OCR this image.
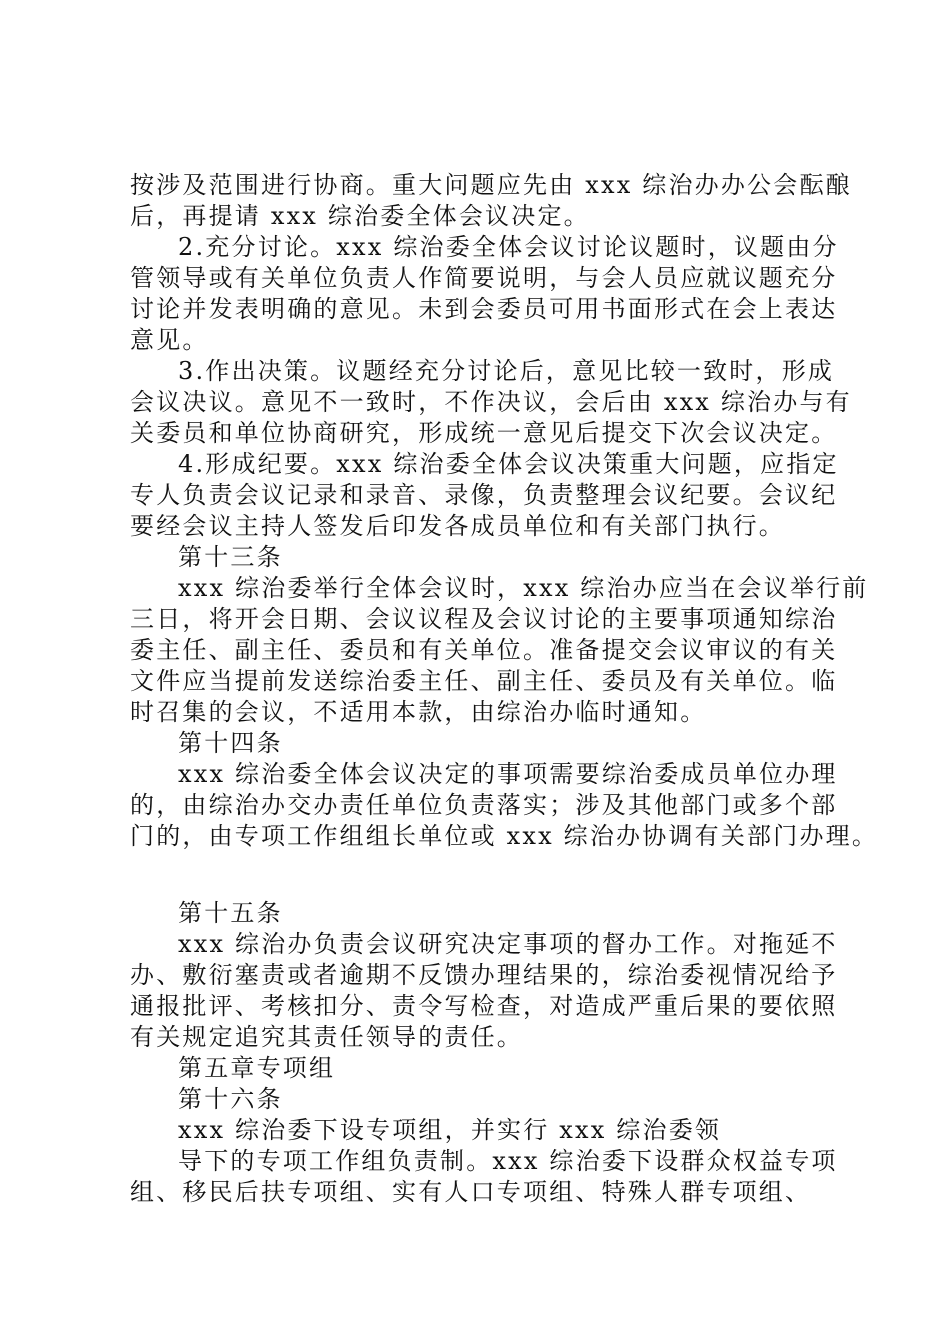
按涉及范围进行协商。重大问题应先由 xxx 综治办办公会酝酿
后，再提请 xxx 综治委全体会议决定。
2.充分讨论。xxx 综治委全体会议讨论议题时，议题由分
管领导或有关单位负责人作简要说明，与会人员应就议题充分
讨论并发表明确的意见。未到会委员可用书面形式在会上表达
意见。
3.作出决策。议题经充分讨论后，意见比较一致时，形成
会议决议。意见不一致时，不作决议，会后由 xxx 综治办与有
关委员和单位协商研究，形成统一意见后提交下次会议决定。
4.形成纪要。xxx 综治委全体会议决策重大问题，应指定
专人负责会议记录和录音、录像，负责整理会议纪要。会议纪
要经会议主持人签发后印发各成员单位和有关部门执行。
第十三条
xxx 综治委举行全体会议时，xxx 综治办应当在会议举行前
三日，将开会日期、会议议程及会议讨论的主要事项通知综治
委主任、副主任、委员和有关单位。准备提交会议审议的有关
文件应当提前发送综治委主任、副主任、委员及有关单位。临
时召集的会议，不适用本款，由综治办临时通知。
第十四条
xxx 综治委全体会议决定的事项需要综治委成员单位办理
的，由综治办交办责任单位负责落实；涉及其他部门或多个部
门的，由专项工作组组长单位或 xxx 综治办协调有关部门办理。
第十五条
xxx 综治办负责会议研究决定事项的督办工作。对拖延不
办、敷衍塞责或者逾期不反馈办理结果的，综治委视情况给予
通报批评、考核扣分、责令写检查，对造成严重后果的要依照
有关规定追究其责任领导的责任。
第五章专项组
第十六条
xxx 综治委下设专项组，并实行 xxx 综治委领
导下的专项工作组负责制。xxx 综治委下设群众权益专项
组、移民后扶专项组、实有人口专项组、特殊人群专项组、
